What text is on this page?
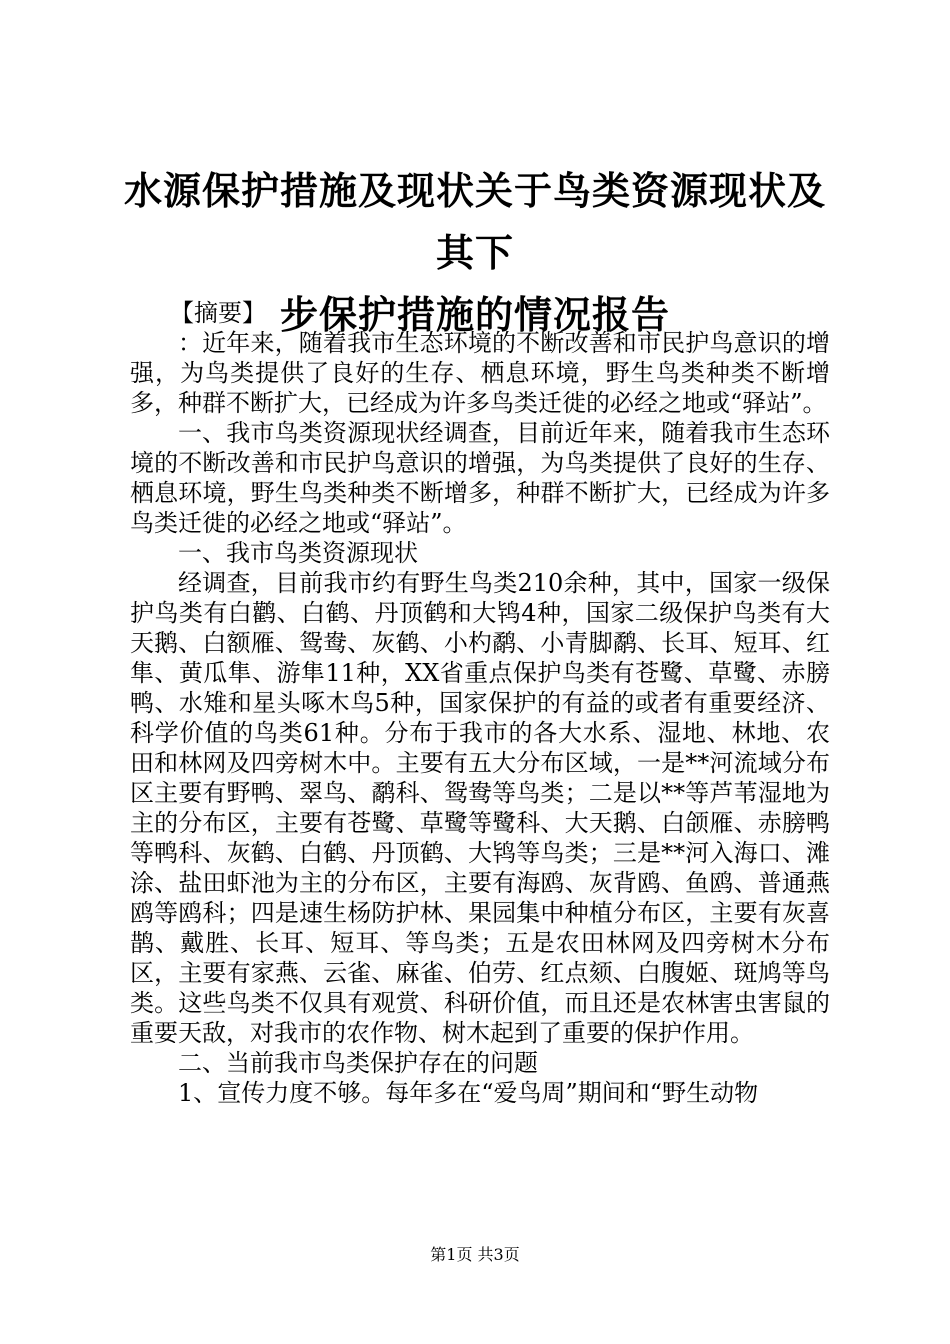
水源保护措施及现状关于鸟类资源现状及其下
步保护措施的情况报告

【摘要】

：近年来，随着我市生态环境的不断改善和市民护鸟意识的增强，为鸟类提供了良好的生存、栖息环境，野生鸟类种类不断增多，种群不断扩大，已经成为许多鸟类迁徙的必经之地或“驿站”。

一、我市鸟类资源现状经调查，目前近年来，随着我市生态环境的不断改善和市民护鸟意识的增强，为鸟类提供了良好的生存、栖息环境，野生鸟类种类不断增多，种群不断扩大，已经成为许多鸟类迁徙的必经之地或“驿站”。

一、我市鸟类资源现状

经调查，目前我市约有野生鸟类210余种，其中，国家一级保护鸟类有白鹳、白鹤、丹顶鹤和大鸨4种，国家二级保护鸟类有大天鹅、白额雁、鸳鸯、灰鹤、小杓鹬、小青脚鹬、长耳、短耳、红隼、黄瓜隼、游隼11种，XX省重点保护鸟类有苍鹭、草鹭、赤膀鸭、水雉和星头啄木鸟5种，国家保护的有益的或者有重要经济、科学价值的鸟类61种。分布于我市的各大水系、湿地、林地、农田和林网及四旁树木中。主要有五大分布区域，一是**河流域分布区主要有野鸭、翠鸟、鹬科、鸳鸯等鸟类；二是以**等芦苇湿地为主的分布区，主要有苍鹭、草鹭等鹭科、大天鹅、白颌雁、赤膀鸭等鸭科、灰鹤、白鹤、丹顶鹤、大鸨等鸟类；三是**河入海口、滩涂、盐田虾池为主的分布区，主要有海鸥、灰背鸥、鱼鸥、普通燕鸥等鸥科；四是速生杨防护林、果园集中种植分布区，主要有灰喜鹊、戴胜、长耳、短耳、等鸟类；五是农田林网及四旁树木分布区，主要有家燕、云雀、麻雀、伯劳、红点颏、白腹姬、斑鸠等鸟类。这些鸟类不仅具有观赏、科研价值，而且还是农林害虫害鼠的重要天敌，对我市的农作物、树木起到了重要的保护作用。

二、当前我市鸟类保护存在的问题

1、宣传力度不够。每年多在“爱鸟周”期间和“野生动物

第1页 共3页
